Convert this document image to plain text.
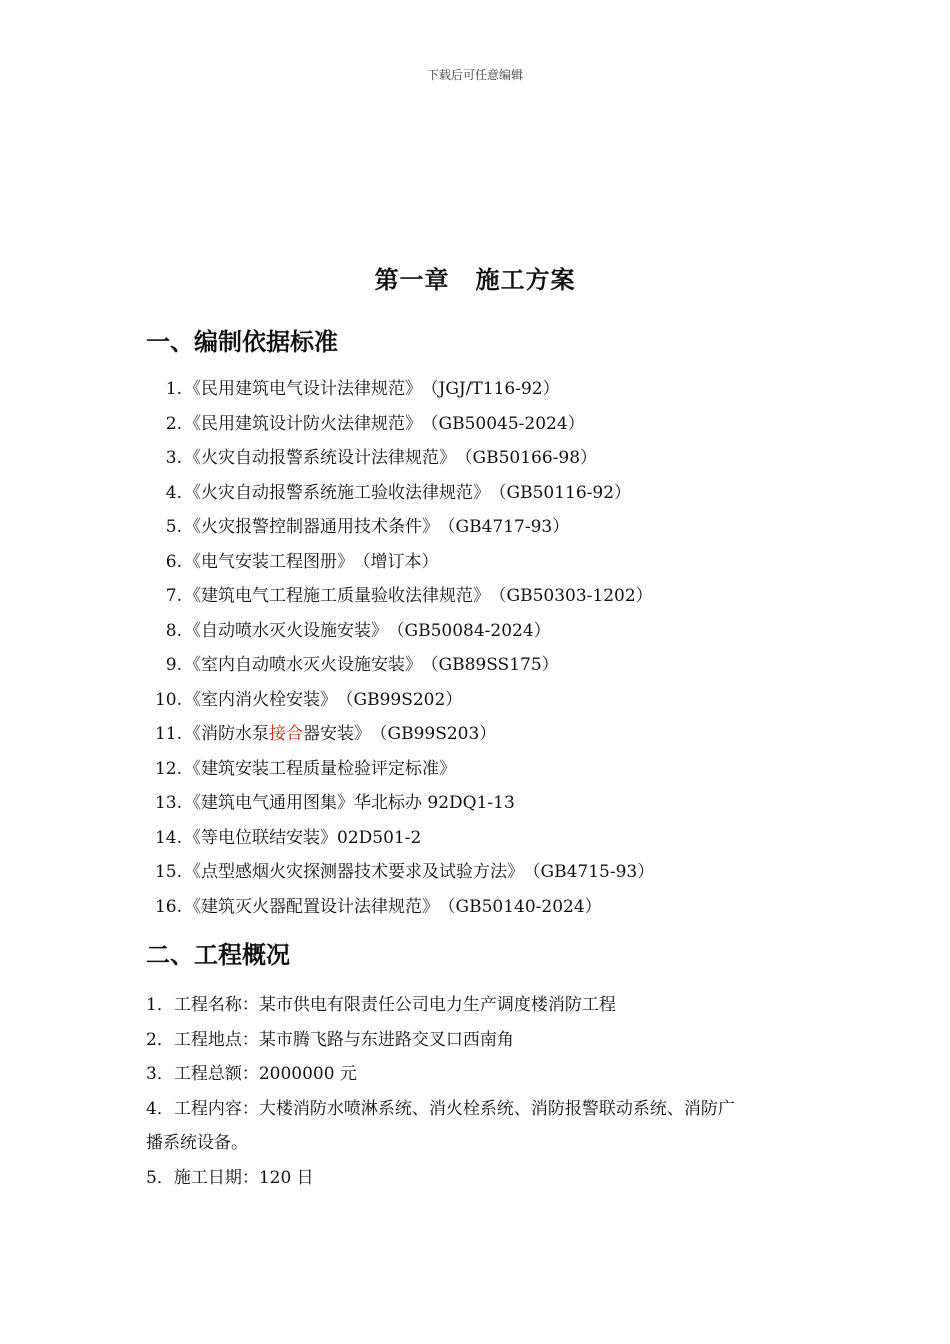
下载后可任意编辑
第一章 施工方案
一、编制依据标准
1. 《民用建筑电气设计法律规范》 （JGJ/T116-92）
2. 《民用建筑设计防火法律规范》 （GB50045-2024）
3. 《火灾自动报警系统设计法律规范》 （GB50166-98）
4. 《火灾自动报警系统施工验收法律规范》 （GB50116-92）
5. 《火灾报警控制器通用技术条件》 （GB4717-93）
6. 《电气安装工程图册》 （增订本）
7. 《建筑电气工程施工质量验收法律规范》 （GB50303-1202）
8. 《自动喷水灭火设施安装》 （GB50084-2024）
9. 《室内自动喷水灭火设施安装》 （GB89SS175）
10. 《室内消火栓安装》 （GB99S202）
11. 《消防水泵接合器安装》 （GB99S203）
12. 《建筑安装工程质量检验评定标准》
13. 《建筑电气通用图集》华北标办 92DQ1-13
14. 《等电位联结安装》02D501-2
15. 《点型感烟火灾探测器技术要求及试验方法》 （GB4715-93）
16. 《建筑灭火器配置设计法律规范》 （GB50140-2024）
二、工程概况
1．工程名称：某市供电有限责任公司电力生产调度楼消防工程
2．工程地点：某市腾飞路与东进路交叉口西南角
3．工程总额：2000000 元
4．工程内容：大楼消防水喷淋系统、消火栓系统、消防报警联动系统、消防广
播系统设备。
5．施工日期：120 日
